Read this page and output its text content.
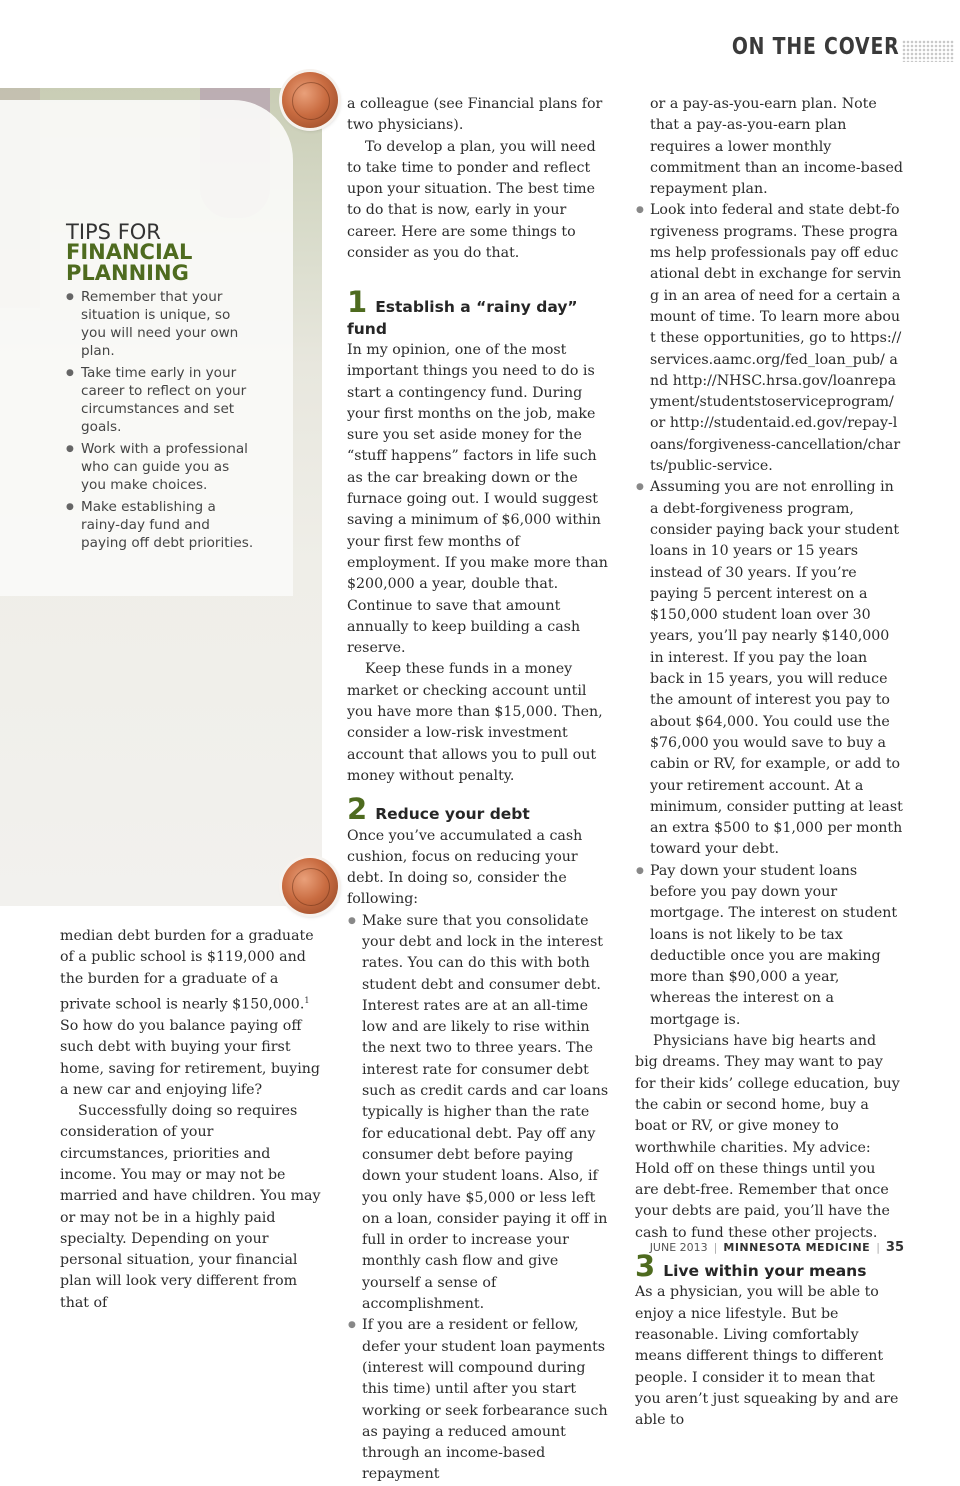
ON THE COVER
TIPS FOR
FINANCIAL PLANNING
● Remember that your situation is unique, so you will need your own plan.
● Take time early in your career to reflect on your circumstances and set goals.
● Work with a professional who can guide you as you make choices.
● Make establishing a rainy-day fund and paying off debt priorities.

median debt burden for a graduate of a public school is $119,000 and the burden for a graduate of a private school is nearly $150,000.$^1$ So how do you balance paying off such debt with buying your first home, saving for retirement, buying a new car and enjoying life?

Successfully doing so requires consideration of your circumstances, priorities and income. You may or may not be married and have children. You may or may not be in a highly paid specialty. Depending on your personal situation, your financial plan will look very different from that of

a colleague (see Financial plans for two physicians).

To develop a plan, you will need to take time to ponder and reflect upon your situation. The best time to do that is now, early in your career. Here are some things to consider as you do that.

1 Establish a “rainy day” fund

In my opinion, one of the most important things you need to do is start a contingency fund. During your first months on the job, make sure you set aside money for the “stuff happens” factors in life such as the car breaking down or the furnace going out. I would suggest saving a minimum of $6,000 within your first few months of employment. If you make more than $200,000 a year, double that. Continue to save that amount annually to keep building a cash reserve.

Keep these funds in a money market or checking account until you have more than $15,000. Then, consider a low-risk investment account that allows you to pull out money without penalty.

2 Reduce your debt

Once you’ve accumulated a cash cushion, focus on reducing your debt. In doing so, consider the following:

● Make sure that you consolidate your debt and lock in the interest rates. You can do this with both student debt and consumer debt. Interest rates are at an all-time low and are likely to rise within the next two to three years. The interest rate for consumer debt such as credit cards and car loans typically is higher than the rate for educational debt. Pay off any consumer debt before paying down your student loans. Also, if you only have $5,000 or less left on a loan, consider paying it off in full in order to increase your monthly cash flow and give yourself a sense of accomplishment.
● If you are a resident or fellow, defer your student loan payments (interest will compound during this time) until after you start working or seek forbearance such as paying a reduced amount through an income-based repayment

or a pay-as-you-earn plan. Note that a pay-as-you-earn plan requires a lower monthly commitment than an income-based repayment plan.

● Look into federal and state debt-forgiveness programs. These programs help professionals pay off educational debt in exchange for serving in an area of need for a certain amount of time. To learn more about these opportunities, go to https://services.aamc.org/fed_loan_pub/ and http://NHSC.hrsa.gov/loanrepayment/studentstoserviceprogram/ or http://studentaid.ed.gov/repay-loans/forgiveness-cancellation/charts/public-service.
● Assuming you are not enrolling in a debt-forgiveness program, consider paying back your student loans in 10 years or 15 years instead of 30 years. If you’re paying 5 percent interest on a $150,000 student loan over 30 years, you’ll pay nearly $140,000 in interest. If you pay the loan back in 15 years, you will reduce the amount of interest you pay to about $64,000. You could use the $76,000 you would save to buy a cabin or RV, for example, or add to your retirement account. At a minimum, consider putting at least an extra $500 to $1,000 per month toward your debt.
● Pay down your student loans before you pay down your mortgage. The interest on student loans is not likely to be tax deductible once you are making more than $90,000 a year, whereas the interest on a mortgage is.

Physicians have big hearts and big dreams. They may want to pay for their kids’ college education, buy the cabin or second home, buy a boat or RV, or give money to worthwhile charities. My advice: Hold off on these things until you are debt-free. Remember that once your debts are paid, you’ll have the cash to fund these other projects.

3 Live within your means

As a physician, you will be able to enjoy a nice lifestyle. But be reasonable. Living comfortably means different things to different people. I consider it to mean that you aren’t just squeaking by and are able to

JUNE 2013 | MINNESOTA MEDICINE | 35
